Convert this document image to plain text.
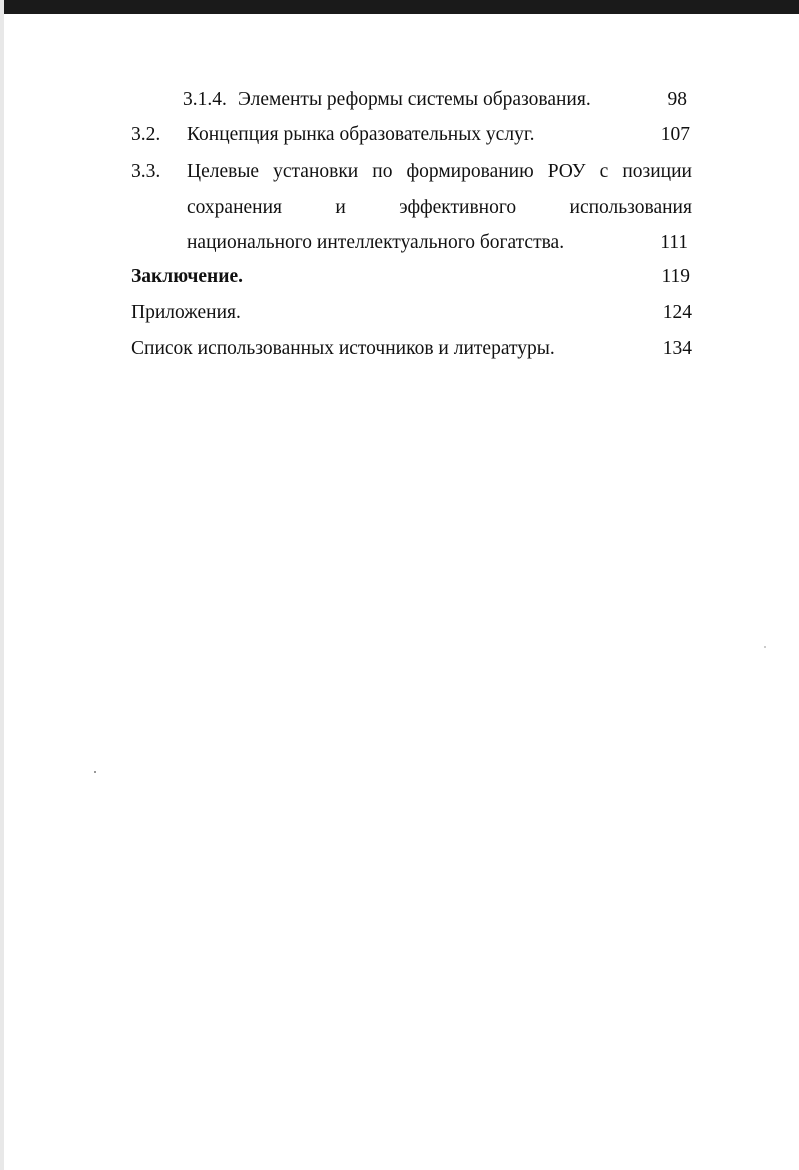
3.1.4. Элементы реформы системы образования.	98
3.2. Концепция рынка образовательных услуг.	107
3.3. Целевые установки по формированию РОУ с позиции
сохранения	и	эффективного	использования
национального интеллектуального богатства.	111
Заключение.	119
Приложения.	124
Список использованных источников и литературы.	134
